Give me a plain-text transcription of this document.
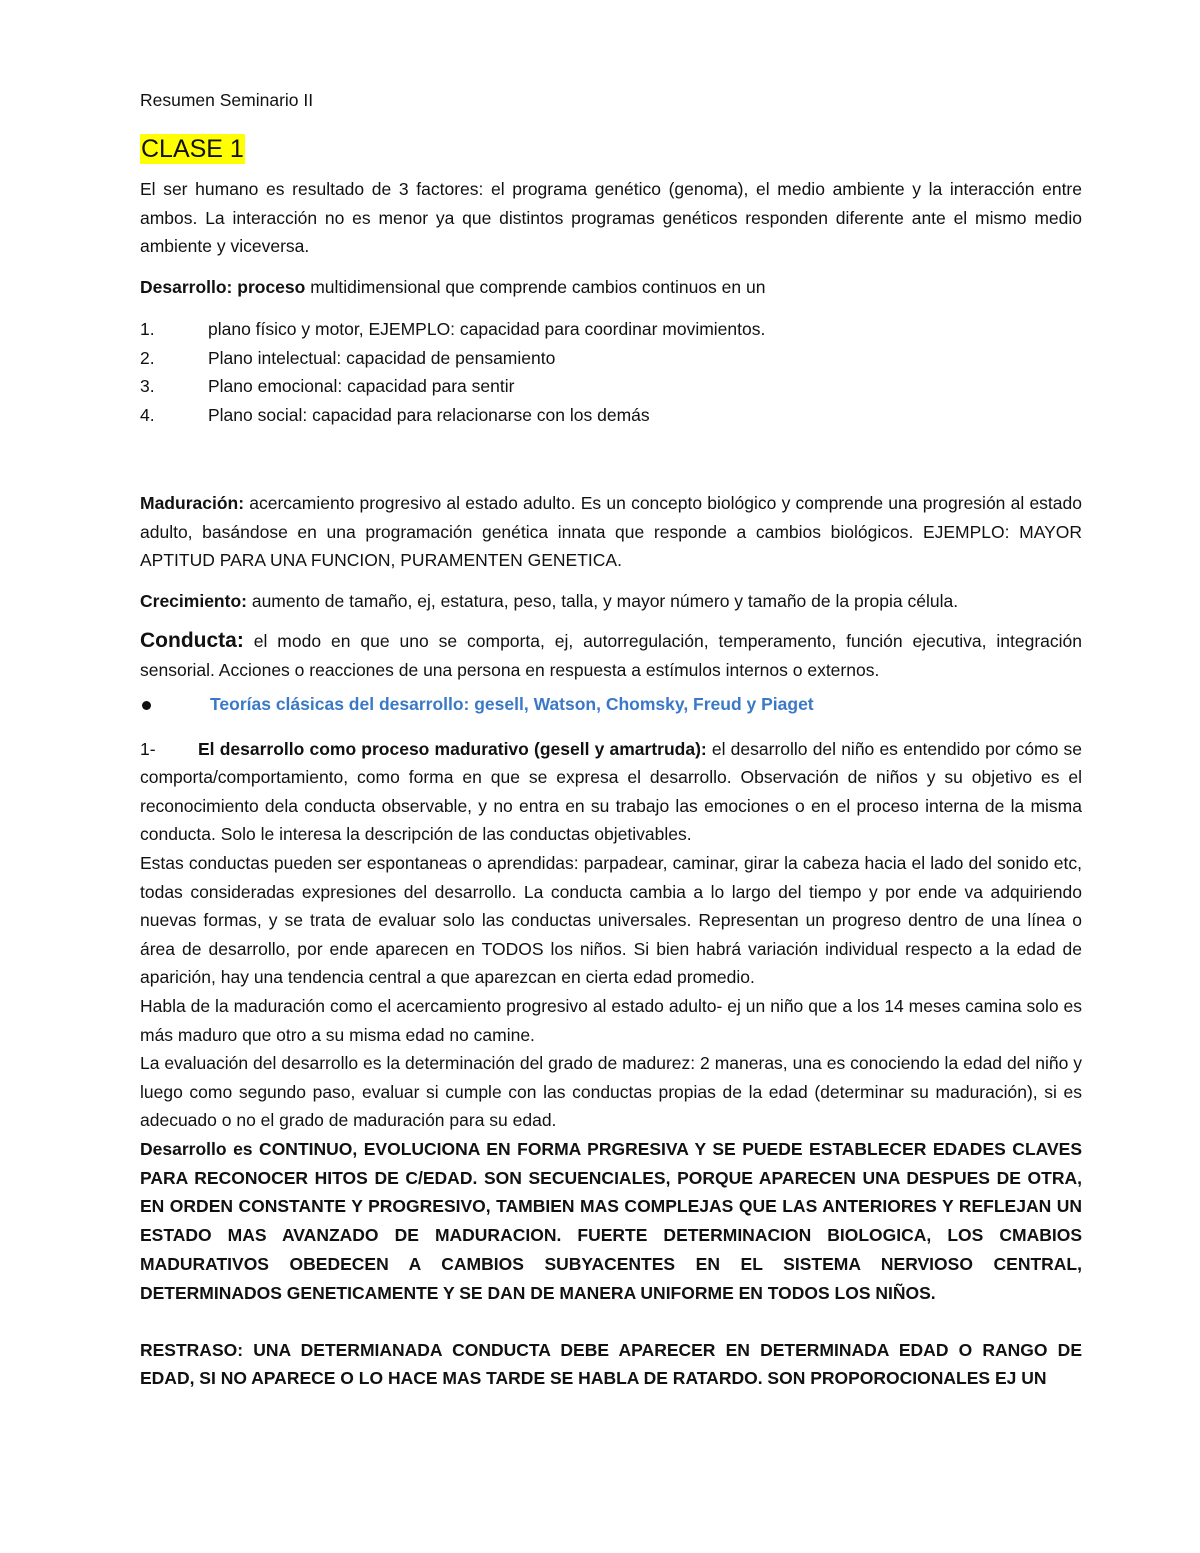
Resumen Seminario II

CLASE 1

El ser humano es resultado de 3 factores: el programa genético (genoma), el medio ambiente y la interacción entre ambos. La interacción no es menor ya que distintos programas genéticos responden diferente ante el mismo medio ambiente y viceversa.

Desarrollo: proceso multidimensional que comprende cambios continuos en un

1.	plano físico y motor, EJEMPLO: capacidad para coordinar movimientos.
2.	Plano intelectual: capacidad de pensamiento
3.	Plano emocional: capacidad para sentir
4.	Plano social: capacidad para relacionarse con los demás

Maduración: acercamiento progresivo al estado adulto. Es un concepto biológico y comprende una progresión al estado adulto, basándose en una programación genética innata que responde a cambios biológicos. EJEMPLO: MAYOR APTITUD PARA UNA FUNCION, PURAMENTEN GENETICA.

Crecimiento: aumento de tamaño, ej, estatura, peso, talla, y mayor número y tamaño de la propia célula.

Conducta: el modo en que uno se comporta, ej, autorregulación, temperamento, función ejecutiva, integración sensorial. Acciones o reacciones de una persona en respuesta a estímulos internos o externos.

Teorías clásicas del desarrollo: gesell, Watson, Chomsky, Freud y Piaget

1- El desarrollo como proceso madurativo (gesell y amartruda): el desarrollo del niño es entendido por cómo se comporta/comportamiento, como forma en que se expresa el desarrollo. Observación de niños y su objetivo es el reconocimiento dela conducta observable, y no entra en su trabajo las emociones o en el proceso interna de la misma conducta. Solo le interesa la descripción de las conductas objetivables.

Estas conductas pueden ser espontaneas o aprendidas: parpadear, caminar, girar la cabeza hacia el lado del sonido etc, todas consideradas expresiones del desarrollo. La conducta cambia a lo largo del tiempo y por ende va adquiriendo nuevas formas, y se trata de evaluar solo las conductas universales. Representan un progreso dentro de una línea o área de desarrollo, por ende aparecen en TODOS los niños. Si bien habrá variación individual respecto a la edad de aparición, hay una tendencia central a que aparezcan en cierta edad promedio.

Habla de la maduración como el acercamiento progresivo al estado adulto- ej un niño que a los 14 meses camina solo es más maduro que otro a su misma edad no camine.

La evaluación del desarrollo es la determinación del grado de madurez: 2 maneras, una es conociendo la edad del niño y luego como segundo paso, evaluar si cumple con las conductas propias de la edad (determinar su maduración), si es adecuado o no el grado de maduración para su edad.

Desarrollo es CONTINUO, EVOLUCIONA EN FORMA PRGRESIVA Y SE PUEDE ESTABLECER EDADES CLAVES PARA RECONOCER HITOS DE C/EDAD. SON SECUENCIALES, PORQUE APARECEN UNA DESPUES DE OTRA, EN ORDEN CONSTANTE Y PROGRESIVO, TAMBIEN MAS COMPLEJAS QUE LAS ANTERIORES Y REFLEJAN UN ESTADO MAS AVANZADO DE MADURACION. FUERTE DETERMINACION BIOLOGICA, LOS CMABIOS MADURATIVOS OBEDECEN A CAMBIOS SUBYACENTES EN EL SISTEMA NERVIOSO CENTRAL, DETERMINADOS GENETICAMENTE Y SE DAN DE MANERA UNIFORME EN TODOS LOS NIÑOS.

RESTRASO: UNA DETERMIANADA CONDUCTA DEBE APARECER EN DETERMINADA EDAD O RANGO DE EDAD, SI NO APARECE O LO HACE MAS TARDE SE HABLA DE RATARDO. SON PROPOROCIONALES EJ UN
